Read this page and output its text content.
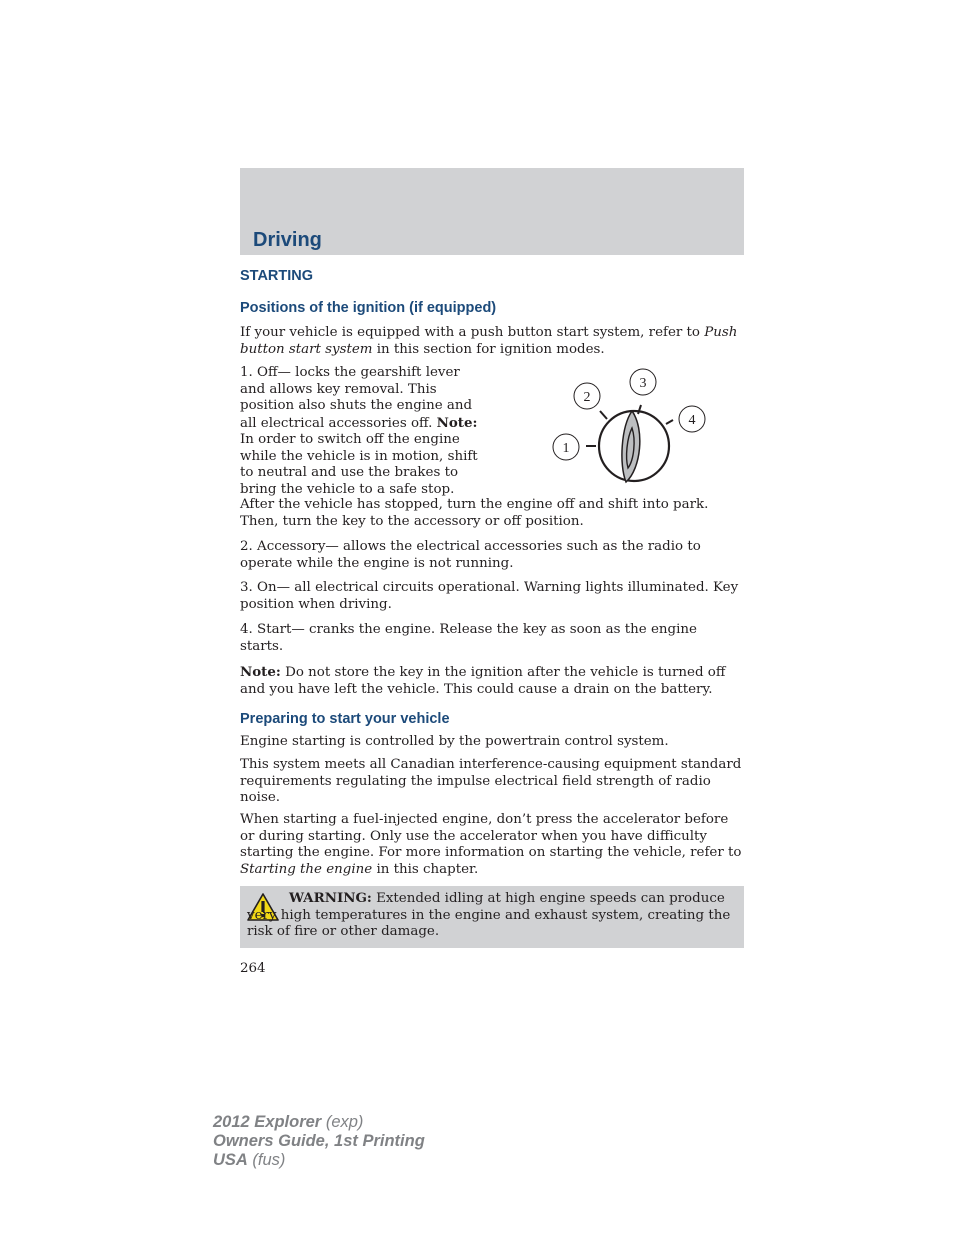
Driving
STARTING
Positions of the ignition (if equipped)
If your vehicle is equipped with a push button start system, refer to Push button start system in this section for ignition modes.
1. Off— locks the gearshift lever and allows key removal. This position also shuts the engine and all electrical accessories off. Note: In order to switch off the engine while the vehicle is in motion, shift to neutral and use the brakes to bring the vehicle to a safe stop.
1
2
3
4
After the vehicle has stopped, turn the engine off and shift into park. Then, turn the key to the accessory or off position.
2. Accessory— allows the electrical accessories such as the radio to operate while the engine is not running.
3. On— all electrical circuits operational. Warning lights illuminated. Key position when driving.
4. Start— cranks the engine. Release the key as soon as the engine starts.
Note: Do not store the key in the ignition after the vehicle is turned off and you have left the vehicle. This could cause a drain on the battery.
Preparing to start your vehicle
Engine starting is controlled by the powertrain control system.
This system meets all Canadian interference-causing equipment standard requirements regulating the impulse electrical field strength of radio noise.
When starting a fuel-injected engine, don’t press the accelerator before or during starting. Only use the accelerator when you have difficulty starting the engine. For more information on starting the vehicle, refer to Starting the engine in this chapter.
WARNING: Extended idling at high engine speeds can produce very high temperatures in the engine and exhaust system, creating the risk of fire or other damage.
264
2012 Explorer (exp)
Owners Guide, 1st Printing
USA (fus)
